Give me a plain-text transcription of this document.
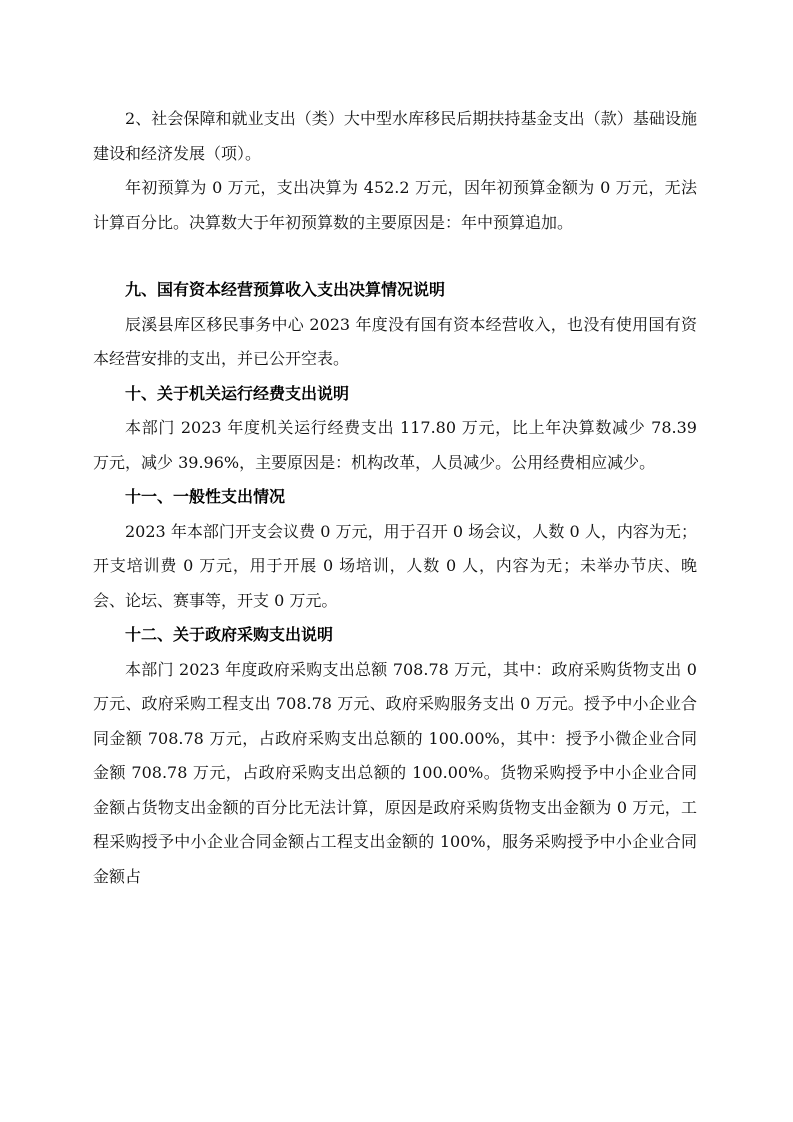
2、社会保障和就业支出（类）大中型水库移民后期扶持基金支出（款）基础设施建设和经济发展（项）。

年初预算为 0 万元，支出决算为 452.2 万元，因年初预算金额为 0 万元，无法计算百分比。决算数大于年初预算数的主要原因是：年中预算追加。

九、国有资本经营预算收入支出决算情况说明

辰溪县库区移民事务中心 2023 年度没有国有资本经营收入，也没有使用国有资本经营安排的支出，并已公开空表。

十、关于机关运行经费支出说明

本部门 2023 年度机关运行经费支出 117.80 万元，比上年决算数减少 78.39 万元，减少 39.96%，主要原因是：机构改革，人员减少。公用经费相应减少。

十一、一般性支出情况

2023 年本部门开支会议费 0 万元，用于召开 0 场会议，人数 0 人，内容为无；开支培训费 0 万元，用于开展 0 场培训，人数 0 人，内容为无；未举办节庆、晚会、论坛、赛事等，开支 0 万元。

十二、关于政府采购支出说明

本部门 2023 年度政府采购支出总额 708.78 万元，其中：政府采购货物支出 0 万元、政府采购工程支出 708.78 万元、政府采购服务支出 0 万元。授予中小企业合同金额 708.78 万元，占政府采购支出总额的 100.00%，其中：授予小微企业合同金额 708.78 万元，占政府采购支出总额的 100.00%。货物采购授予中小企业合同金额占货物支出金额的百分比无法计算，原因是政府采购货物支出金额为 0 万元，工程采购授予中小企业合同金额占工程支出金额的 100%，服务采购授予中小企业合同金额占
